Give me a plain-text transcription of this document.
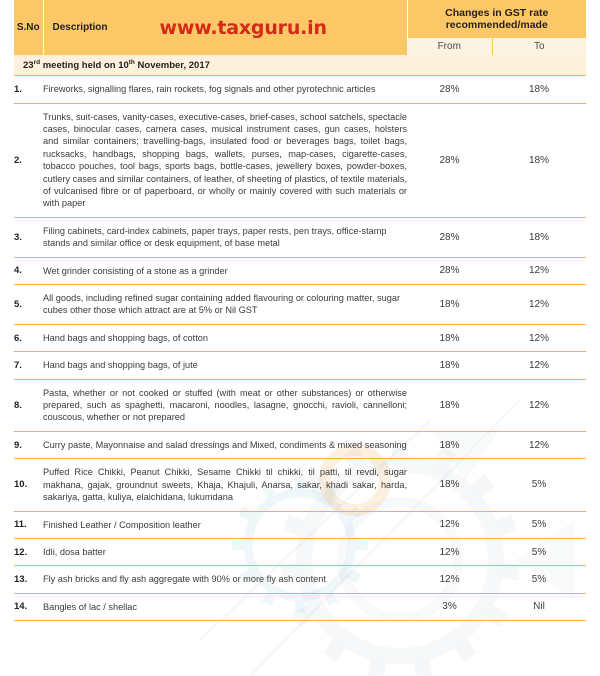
S.No	Description www.taxguru.in	Changes in GST rate
recommended/made	
		From	To
23rd meeting held on 10th November, 2017			
1.	Fireworks, signalling flares, rain rockets, fog signals and other pyrotechnic articles	28%	18%
2.	Trunks, suit-cases, vanity-cases, executive-cases, brief-cases, school satchels, spectacle cases, binocular cases, camera cases, musical instrument cases, gun cases, holsters and similar containers; travelling-bags, insulated food or beverages bags, toilet bags, rucksacks, handbags, shopping bags, wallets, purses, map-cases, cigarette-cases, tobacco pouches, tool bags, sports bags, bottle-cases, jewellery boxes, powder-boxes, cutlery cases and similar containers, of leather, of sheeting of plastics, of textile materials, of vulcanised fibre or of paperboard, or wholly or mainly covered with such materials or with paper	28%	18%
3.	Filing cabinets, card-index cabinets, paper trays, paper rests, pen trays, office-stamp stands and similar office or desk equipment, of base metal	28%	18%
4.	Wet grinder consisting of a stone as a grinder	28%	12%
5.	All goods, including refined sugar containing added flavouring or colouring matter, sugar cubes other those which attract are at 5% or Nil GST	18%	12%
6.	Hand bags and shopping bags, of cotton	18%	12%
7.	Hand bags and shopping bags, of jute	18%	12%
8.	Pasta, whether or not cooked or stuffed (with meat or other substances) or otherwise prepared, such as spaghetti, macaroni, noodles, lasagne, gnocchi, ravioli, cannelloni; couscous, whether or not prepared	18%	12%
9.	Curry paste, Mayonnaise and salad dressings and Mixed, condiments & mixed seasoning	18%	12%
10.	Puffed Rice Chikki, Peanut Chikki, Sesame Chikki til chikki, til patti, til revdi, sugar makhana, gajak, groundnut sweets, Khaja, Khajuli, Anarsa, sakar, khadi sakar, harda, sakariya, gatta, kuliya, elaichidana, lukumdana	18%	5%
11.	Finished Leather / Composition leather	12%	5%
12.	Idli, dosa batter	12%	5%
13.	Fly ash bricks and fly ash aggregate with 90% or more fly ash content	12%	5%
14.	Bangles of lac / shellac	3%	Nil
